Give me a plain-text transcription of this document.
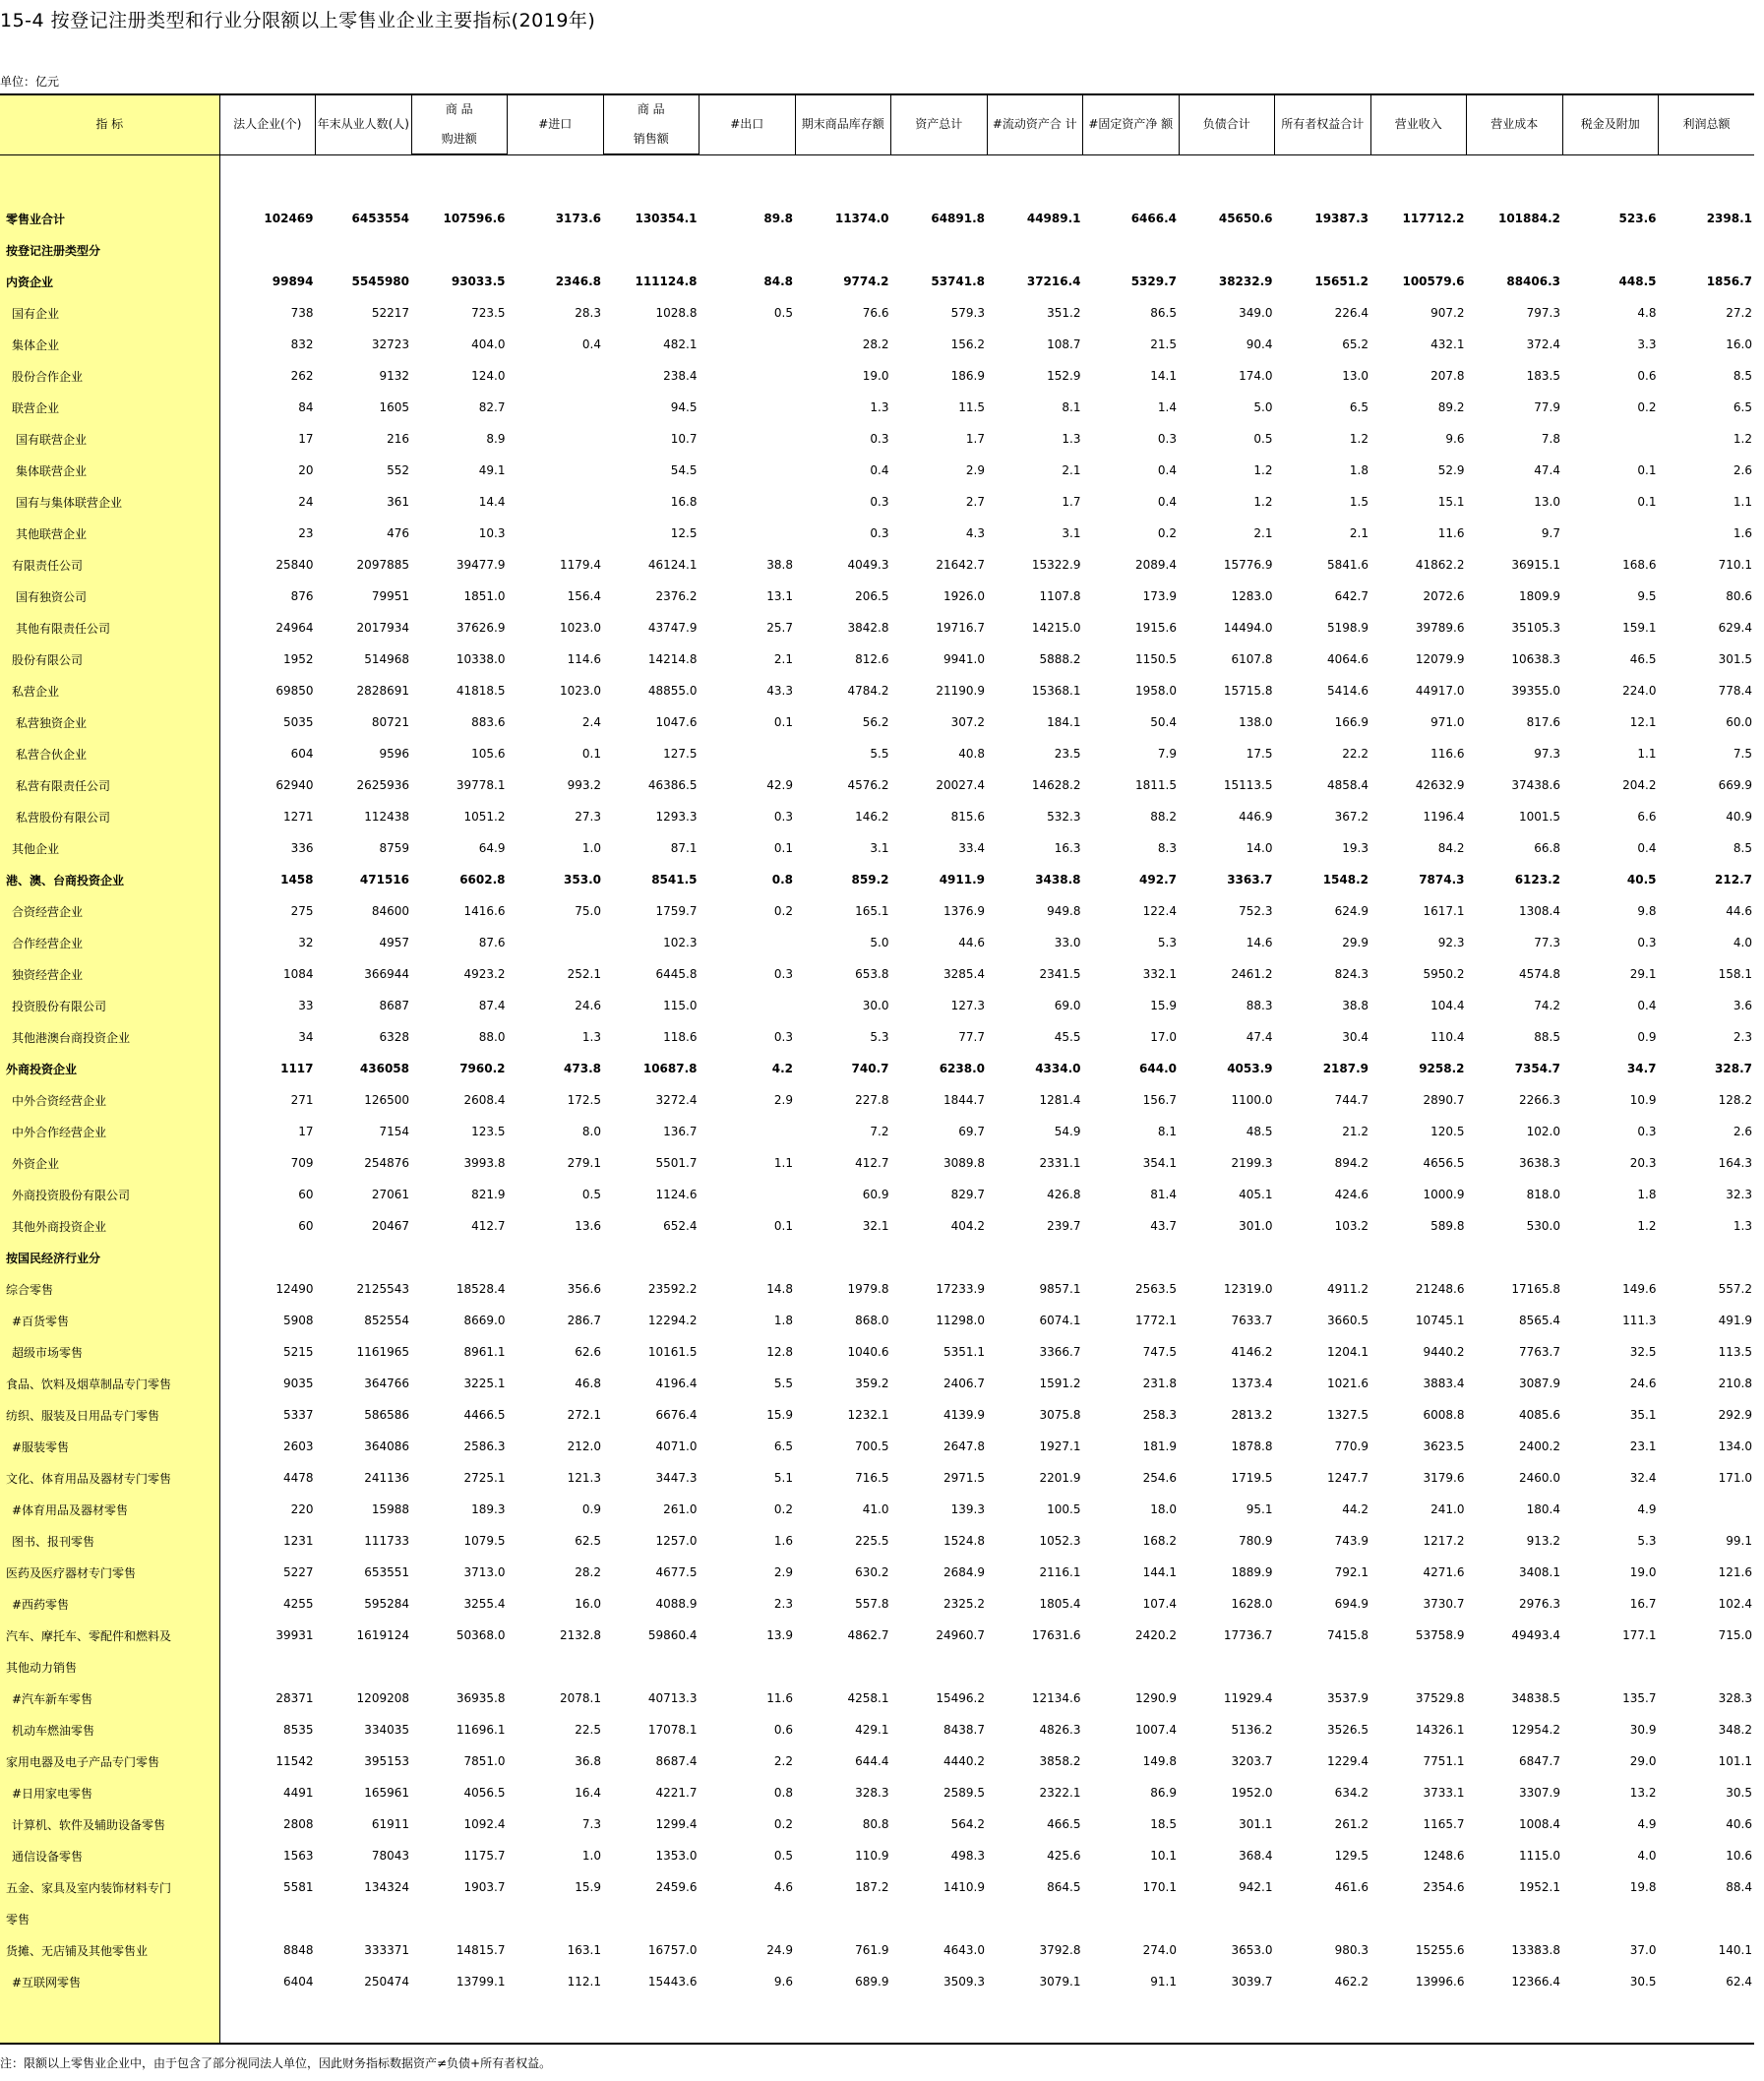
15-4 按登记注册类型和行业分限额以上零售业企业主要指标(2019年)
单位：亿元
指 标	法人企业(个)	年末从业人数(人)	商 品	#进口	商 品	#出口	期末商品库存额	资产总计	#流动资产合 计	#固定资产净 额	负债合计	所有者权益合计	营业收入	营业成本	税金及附加	利润总额
			购进额		销售额											

零售业合计	102469	6453554	107596.6	3173.6	130354.1	89.8	11374.0	64891.8	44989.1	6466.4	45650.6	19387.3	117712.2	101884.2	523.6	2398.1
按登记注册类型分																
内资企业	99894	5545980	93033.5	2346.8	111124.8	84.8	9774.2	53741.8	37216.4	5329.7	38232.9	15651.2	100579.6	88406.3	448.5	1856.7
国有企业	738	52217	723.5	28.3	1028.8	0.5	76.6	579.3	351.2	86.5	349.0	226.4	907.2	797.3	4.8	27.2
集体企业	832	32723	404.0	0.4	482.1		28.2	156.2	108.7	21.5	90.4	65.2	432.1	372.4	3.3	16.0
股份合作企业	262	9132	124.0		238.4		19.0	186.9	152.9	14.1	174.0	13.0	207.8	183.5	0.6	8.5
联营企业	84	1605	82.7		94.5		1.3	11.5	8.1	1.4	5.0	6.5	89.2	77.9	0.2	6.5
国有联营企业	17	216	8.9		10.7		0.3	1.7	1.3	0.3	0.5	1.2	9.6	7.8		1.2
集体联营企业	20	552	49.1		54.5		0.4	2.9	2.1	0.4	1.2	1.8	52.9	47.4	0.1	2.6
国有与集体联营企业	24	361	14.4		16.8		0.3	2.7	1.7	0.4	1.2	1.5	15.1	13.0	0.1	1.1
其他联营企业	23	476	10.3		12.5		0.3	4.3	3.1	0.2	2.1	2.1	11.6	9.7		1.6
有限责任公司	25840	2097885	39477.9	1179.4	46124.1	38.8	4049.3	21642.7	15322.9	2089.4	15776.9	5841.6	41862.2	36915.1	168.6	710.1
国有独资公司	876	79951	1851.0	156.4	2376.2	13.1	206.5	1926.0	1107.8	173.9	1283.0	642.7	2072.6	1809.9	9.5	80.6
其他有限责任公司	24964	2017934	37626.9	1023.0	43747.9	25.7	3842.8	19716.7	14215.0	1915.6	14494.0	5198.9	39789.6	35105.3	159.1	629.4
股份有限公司	1952	514968	10338.0	114.6	14214.8	2.1	812.6	9941.0	5888.2	1150.5	6107.8	4064.6	12079.9	10638.3	46.5	301.5
私营企业	69850	2828691	41818.5	1023.0	48855.0	43.3	4784.2	21190.9	15368.1	1958.0	15715.8	5414.6	44917.0	39355.0	224.0	778.4
私营独资企业	5035	80721	883.6	2.4	1047.6	0.1	56.2	307.2	184.1	50.4	138.0	166.9	971.0	817.6	12.1	60.0
私营合伙企业	604	9596	105.6	0.1	127.5		5.5	40.8	23.5	7.9	17.5	22.2	116.6	97.3	1.1	7.5
私营有限责任公司	62940	2625936	39778.1	993.2	46386.5	42.9	4576.2	20027.4	14628.2	1811.5	15113.5	4858.4	42632.9	37438.6	204.2	669.9
私营股份有限公司	1271	112438	1051.2	27.3	1293.3	0.3	146.2	815.6	532.3	88.2	446.9	367.2	1196.4	1001.5	6.6	40.9
其他企业	336	8759	64.9	1.0	87.1	0.1	3.1	33.4	16.3	8.3	14.0	19.3	84.2	66.8	0.4	8.5
港、澳、台商投资企业	1458	471516	6602.8	353.0	8541.5	0.8	859.2	4911.9	3438.8	492.7	3363.7	1548.2	7874.3	6123.2	40.5	212.7
合资经营企业	275	84600	1416.6	75.0	1759.7	0.2	165.1	1376.9	949.8	122.4	752.3	624.9	1617.1	1308.4	9.8	44.6
合作经营企业	32	4957	87.6		102.3		5.0	44.6	33.0	5.3	14.6	29.9	92.3	77.3	0.3	4.0
独资经营企业	1084	366944	4923.2	252.1	6445.8	0.3	653.8	3285.4	2341.5	332.1	2461.2	824.3	5950.2	4574.8	29.1	158.1
投资股份有限公司	33	8687	87.4	24.6	115.0		30.0	127.3	69.0	15.9	88.3	38.8	104.4	74.2	0.4	3.6
其他港澳台商投资企业	34	6328	88.0	1.3	118.6	0.3	5.3	77.7	45.5	17.0	47.4	30.4	110.4	88.5	0.9	2.3
外商投资企业	1117	436058	7960.2	473.8	10687.8	4.2	740.7	6238.0	4334.0	644.0	4053.9	2187.9	9258.2	7354.7	34.7	328.7
中外合资经营企业	271	126500	2608.4	172.5	3272.4	2.9	227.8	1844.7	1281.4	156.7	1100.0	744.7	2890.7	2266.3	10.9	128.2
中外合作经营企业	17	7154	123.5	8.0	136.7		7.2	69.7	54.9	8.1	48.5	21.2	120.5	102.0	0.3	2.6
外资企业	709	254876	3993.8	279.1	5501.7	1.1	412.7	3089.8	2331.1	354.1	2199.3	894.2	4656.5	3638.3	20.3	164.3
外商投资股份有限公司	60	27061	821.9	0.5	1124.6		60.9	829.7	426.8	81.4	405.1	424.6	1000.9	818.0	1.8	32.3
其他外商投资企业	60	20467	412.7	13.6	652.4	0.1	32.1	404.2	239.7	43.7	301.0	103.2	589.8	530.0	1.2	1.3
按国民经济行业分																
综合零售	12490	2125543	18528.4	356.6	23592.2	14.8	1979.8	17233.9	9857.1	2563.5	12319.0	4911.2	21248.6	17165.8	149.6	557.2
#百货零售	5908	852554	8669.0	286.7	12294.2	1.8	868.0	11298.0	6074.1	1772.1	7633.7	3660.5	10745.1	8565.4	111.3	491.9
超级市场零售	5215	1161965	8961.1	62.6	10161.5	12.8	1040.6	5351.1	3366.7	747.5	4146.2	1204.1	9440.2	7763.7	32.5	113.5
食品、饮料及烟草制品专门零售	9035	364766	3225.1	46.8	4196.4	5.5	359.2	2406.7	1591.2	231.8	1373.4	1021.6	3883.4	3087.9	24.6	210.8
纺织、服装及日用品专门零售	5337	586586	4466.5	272.1	6676.4	15.9	1232.1	4139.9	3075.8	258.3	2813.2	1327.5	6008.8	4085.6	35.1	292.9
#服装零售	2603	364086	2586.3	212.0	4071.0	6.5	700.5	2647.8	1927.1	181.9	1878.8	770.9	3623.5	2400.2	23.1	134.0
文化、体育用品及器材专门零售	4478	241136	2725.1	121.3	3447.3	5.1	716.5	2971.5	2201.9	254.6	1719.5	1247.7	3179.6	2460.0	32.4	171.0
#体育用品及器材零售	220	15988	189.3	0.9	261.0	0.2	41.0	139.3	100.5	18.0	95.1	44.2	241.0	180.4	4.9	
图书、报刊零售	1231	111733	1079.5	62.5	1257.0	1.6	225.5	1524.8	1052.3	168.2	780.9	743.9	1217.2	913.2	5.3	99.1
医药及医疗器材专门零售	5227	653551	3713.0	28.2	4677.5	2.9	630.2	2684.9	2116.1	144.1	1889.9	792.1	4271.6	3408.1	19.0	121.6
#西药零售	4255	595284	3255.4	16.0	4088.9	2.3	557.8	2325.2	1805.4	107.4	1628.0	694.9	3730.7	2976.3	16.7	102.4
汽车、摩托车、零配件和燃料及	39931	1619124	50368.0	2132.8	59860.4	13.9	4862.7	24960.7	17631.6	2420.2	17736.7	7415.8	53758.9	49493.4	177.1	715.0
其他动力销售																
#汽车新车零售	28371	1209208	36935.8	2078.1	40713.3	11.6	4258.1	15496.2	12134.6	1290.9	11929.4	3537.9	37529.8	34838.5	135.7	328.3
机动车燃油零售	8535	334035	11696.1	22.5	17078.1	0.6	429.1	8438.7	4826.3	1007.4	5136.2	3526.5	14326.1	12954.2	30.9	348.2
家用电器及电子产品专门零售	11542	395153	7851.0	36.8	8687.4	2.2	644.4	4440.2	3858.2	149.8	3203.7	1229.4	7751.1	6847.7	29.0	101.1
#日用家电零售	4491	165961	4056.5	16.4	4221.7	0.8	328.3	2589.5	2322.1	86.9	1952.0	634.2	3733.1	3307.9	13.2	30.5
计算机、软件及辅助设备零售	2808	61911	1092.4	7.3	1299.4	0.2	80.8	564.2	466.5	18.5	301.1	261.2	1165.7	1008.4	4.9	40.6
通信设备零售	1563	78043	1175.7	1.0	1353.0	0.5	110.9	498.3	425.6	10.1	368.4	129.5	1248.6	1115.0	4.0	10.6
五金、家具及室内装饰材料专门	5581	134324	1903.7	15.9	2459.6	4.6	187.2	1410.9	864.5	170.1	942.1	461.6	2354.6	1952.1	19.8	88.4
零售																
货摊、无店铺及其他零售业	8848	333371	14815.7	163.1	16757.0	24.9	761.9	4643.0	3792.8	274.0	3653.0	980.3	15255.6	13383.8	37.0	140.1
#互联网零售	6404	250474	13799.1	112.1	15443.6	9.6	689.9	3509.3	3079.1	91.1	3039.7	462.2	13996.6	12366.4	30.5	62.4

注：限额以上零售业企业中，由于包含了部分视同法人单位，因此财务指标数据资产≠负债+所有者权益。
